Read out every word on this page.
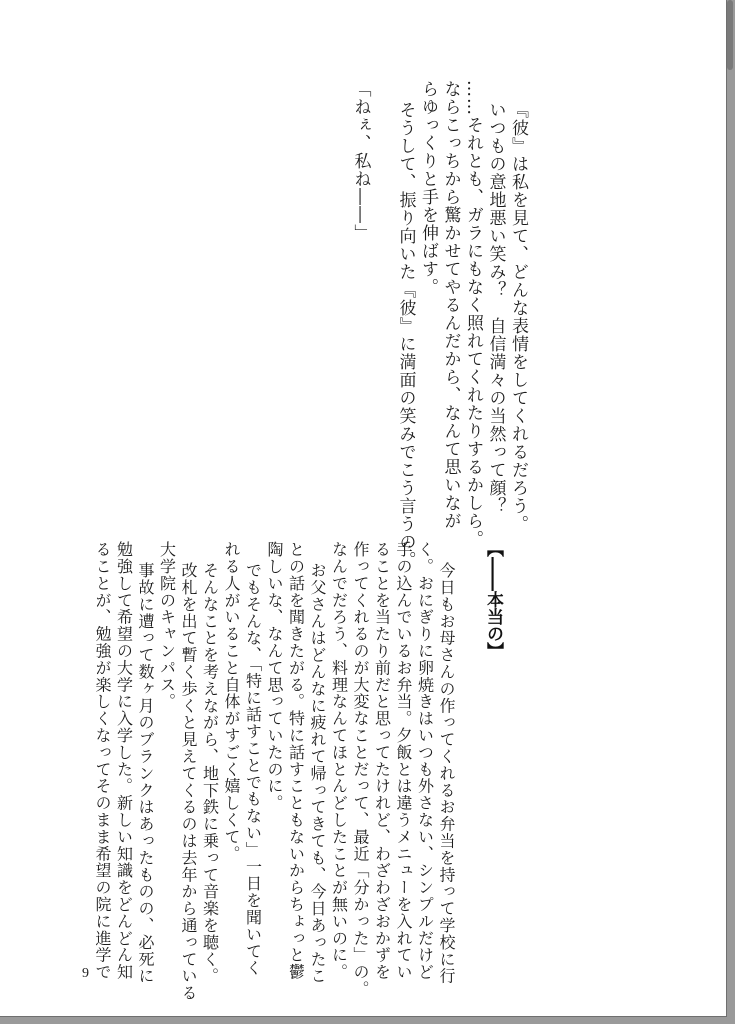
【――本当の】
9	今日もお母さんの作ってくれるお弁当を持って学校に行
く。おにぎりに卵焼きはいつも外さない、シンプルだけど
手の込んでいるお弁当。夕飯とは違うメニューを入れてい
ることを当たり前だと思ってたけれど、わざわざおかずを
作ってくれるのが大変なことだって、最近「分かった」の。
なんでだろう、料理なんてほとんどしたことが無いのに。
お父さんはどんなに疲れて帰ってきても、今日あったこ
との話を聞きたがる。特に話すこともないからちょっと鬱
陶しいな、なんて思っていたのに。
でもそんな、「特に話すことでもない」一日を聞いてく
れる人がいること自体がすごく嬉しくて。
そんなことを考えながら、地下鉄に乗って音楽を聴く。
改札を出て暫く歩くと見えてくるのは去年から通っている
大学院のキャンパス。
事故に遭って数ヶ月のブランクはあったものの、必死に
勉強して希望の大学に入学した。新しい知識をどんどん知
ることが、勉強が楽しくなってそのまま希望の院に進学で
『彼』は私を見て、どんな表情をしてくれるだろう。
いつもの意地悪い笑み？　自信満々の当然って顔？
……それとも、ガラにもなく照れてくれたりするかしら。
ならこっちから驚かせてやるんだから、なんて思いなが
らゆっくりと手を伸ばす。
そうして、振り向いた『彼』に満面の笑みでこう言うの。
「ねぇ、私ね――」
